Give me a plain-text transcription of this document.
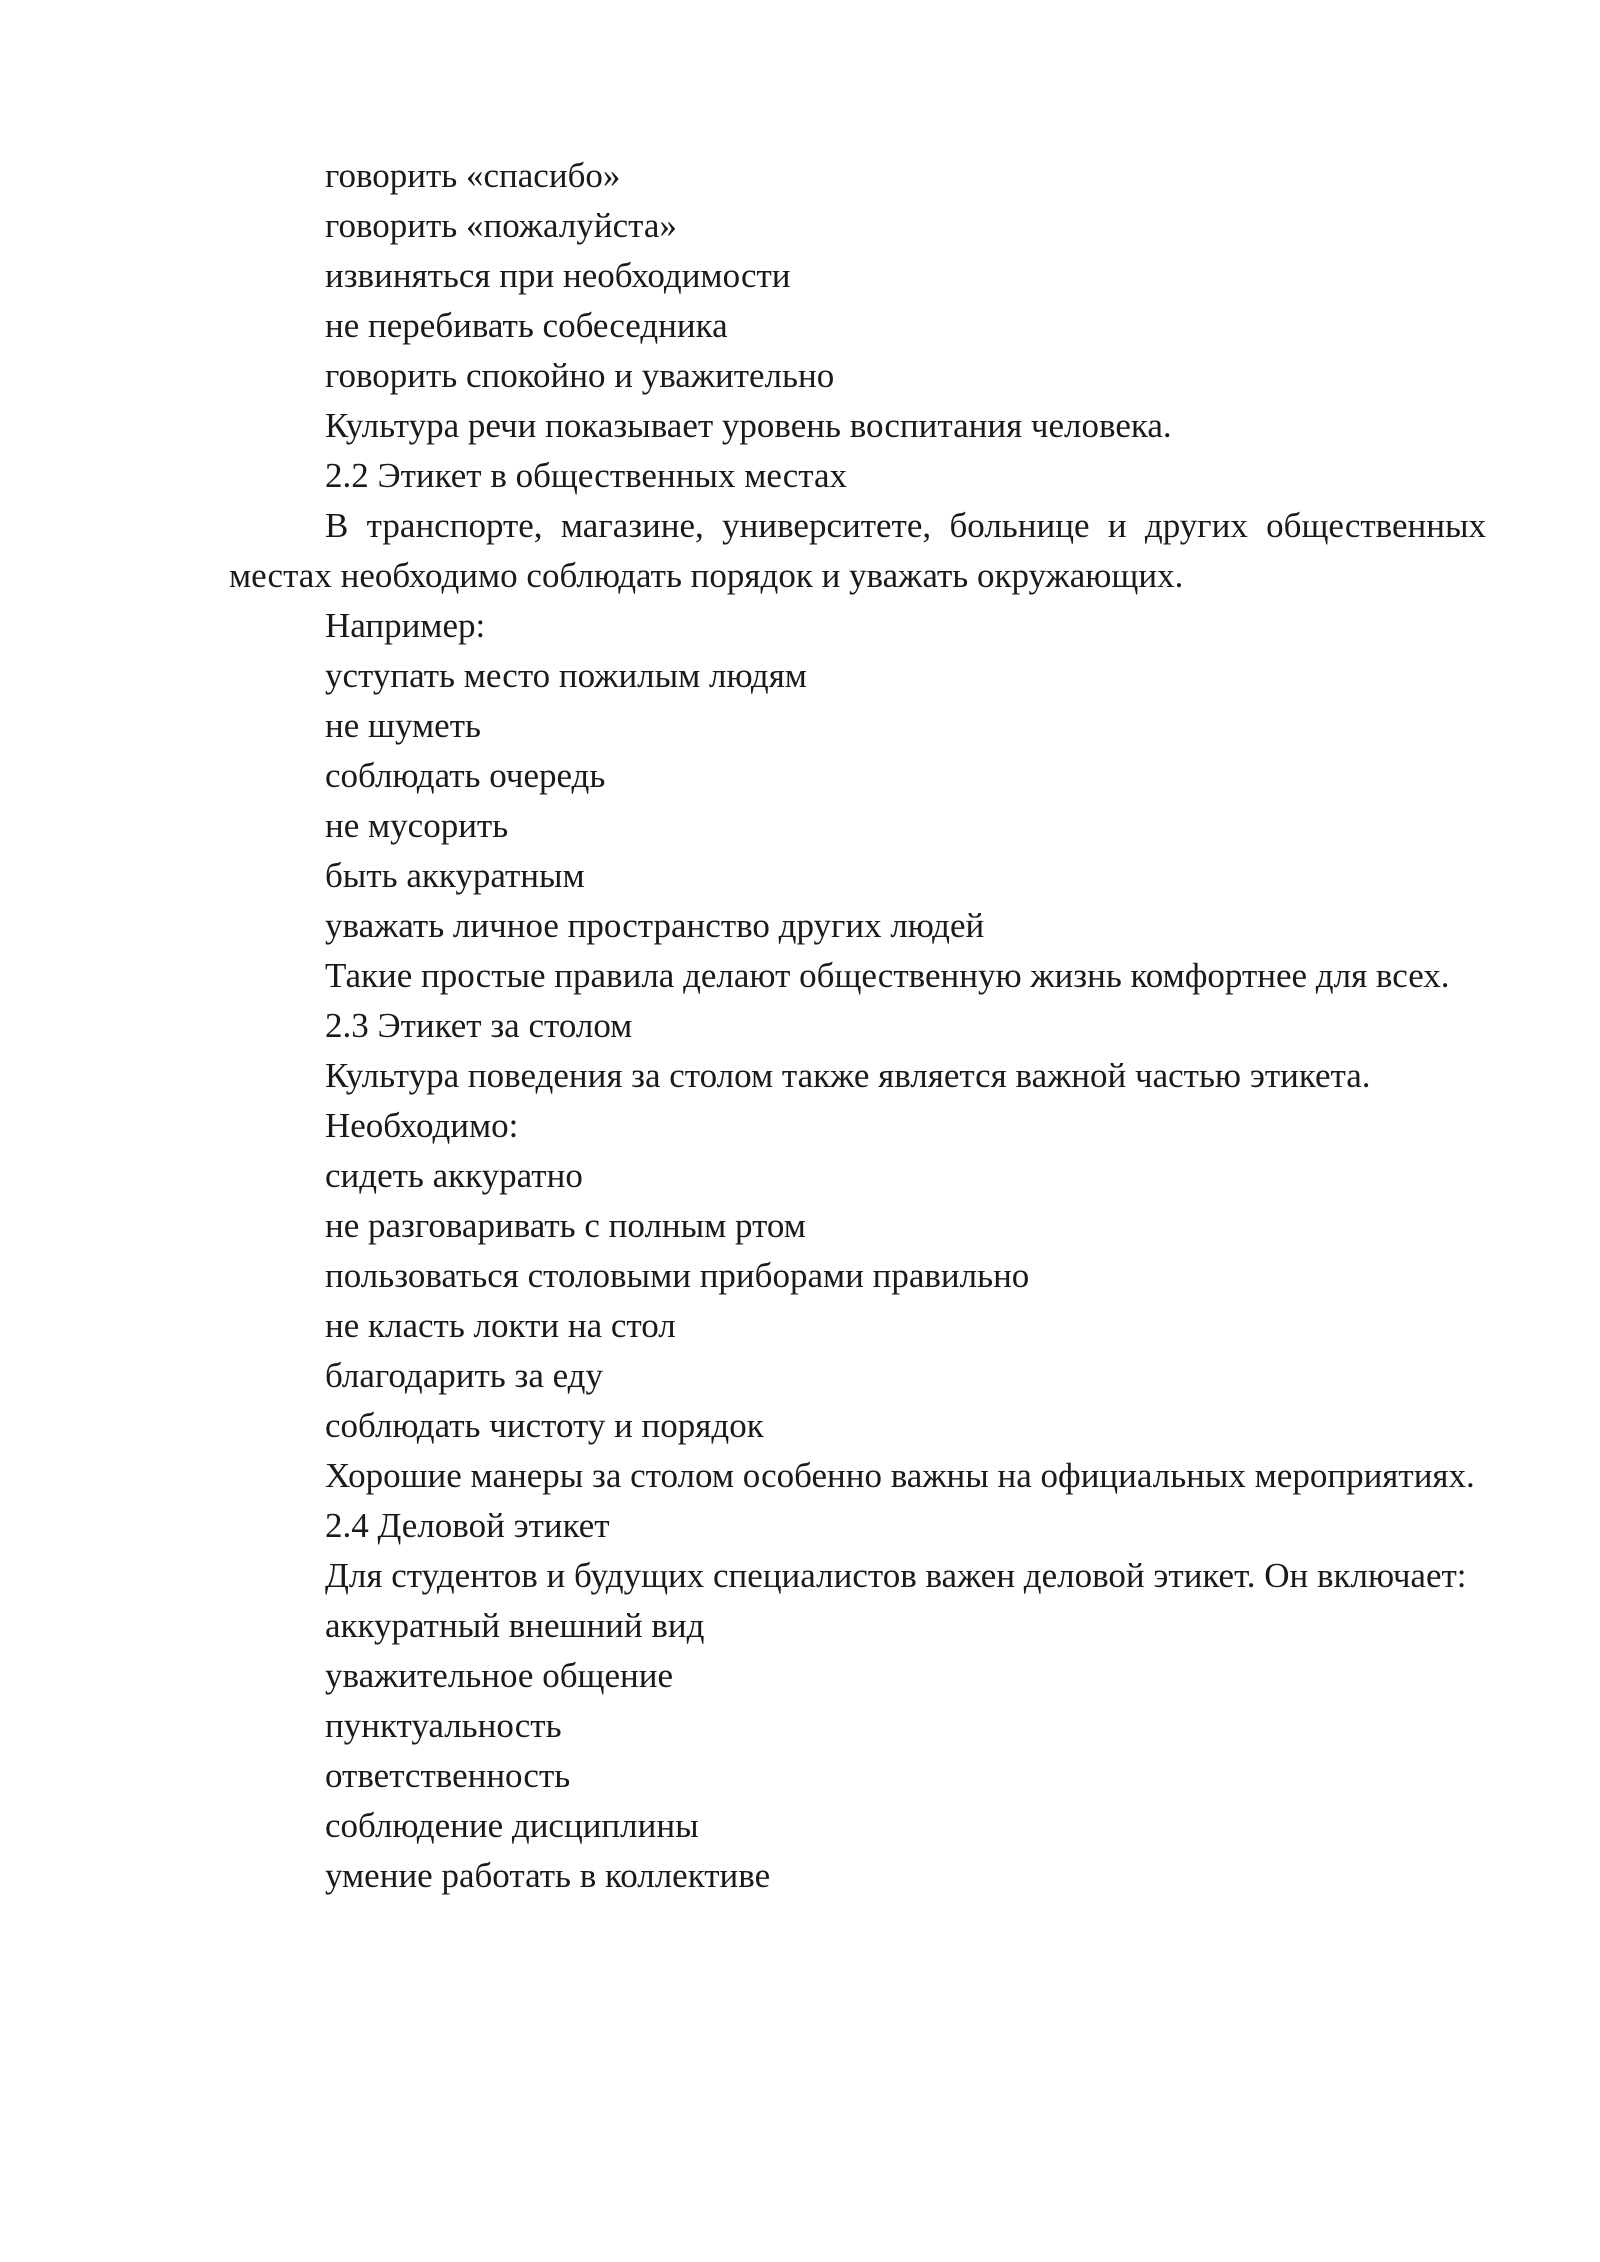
говорить «спасибо»
говорить «пожалуйста»
извиняться при необходимости
не перебивать собеседника
говорить спокойно и уважительно
Культура речи показывает уровень воспитания человека.
2.2 Этикет в общественных местах
В транспорте, магазине, университете, больнице и других общественных местах необходимо соблюдать порядок и уважать окружающих.
Например:
уступать место пожилым людям
не шуметь
соблюдать очередь
не мусорить
быть аккуратным
уважать личное пространство других людей
Такие простые правила делают общественную жизнь комфортнее для всех.
2.3 Этикет за столом
Культура поведения за столом также является важной частью этикета.
Необходимо:
сидеть аккуратно
не разговаривать с полным ртом
пользоваться столовыми приборами правильно
не класть локти на стол
благодарить за еду
соблюдать чистоту и порядок
Хорошие манеры за столом особенно важны на официальных мероприятиях.
2.4 Деловой этикет
Для студентов и будущих специалистов важен деловой этикет. Он включает:
аккуратный внешний вид
уважительное общение
пунктуальность
ответственность
соблюдение дисциплины
умение работать в коллективе
